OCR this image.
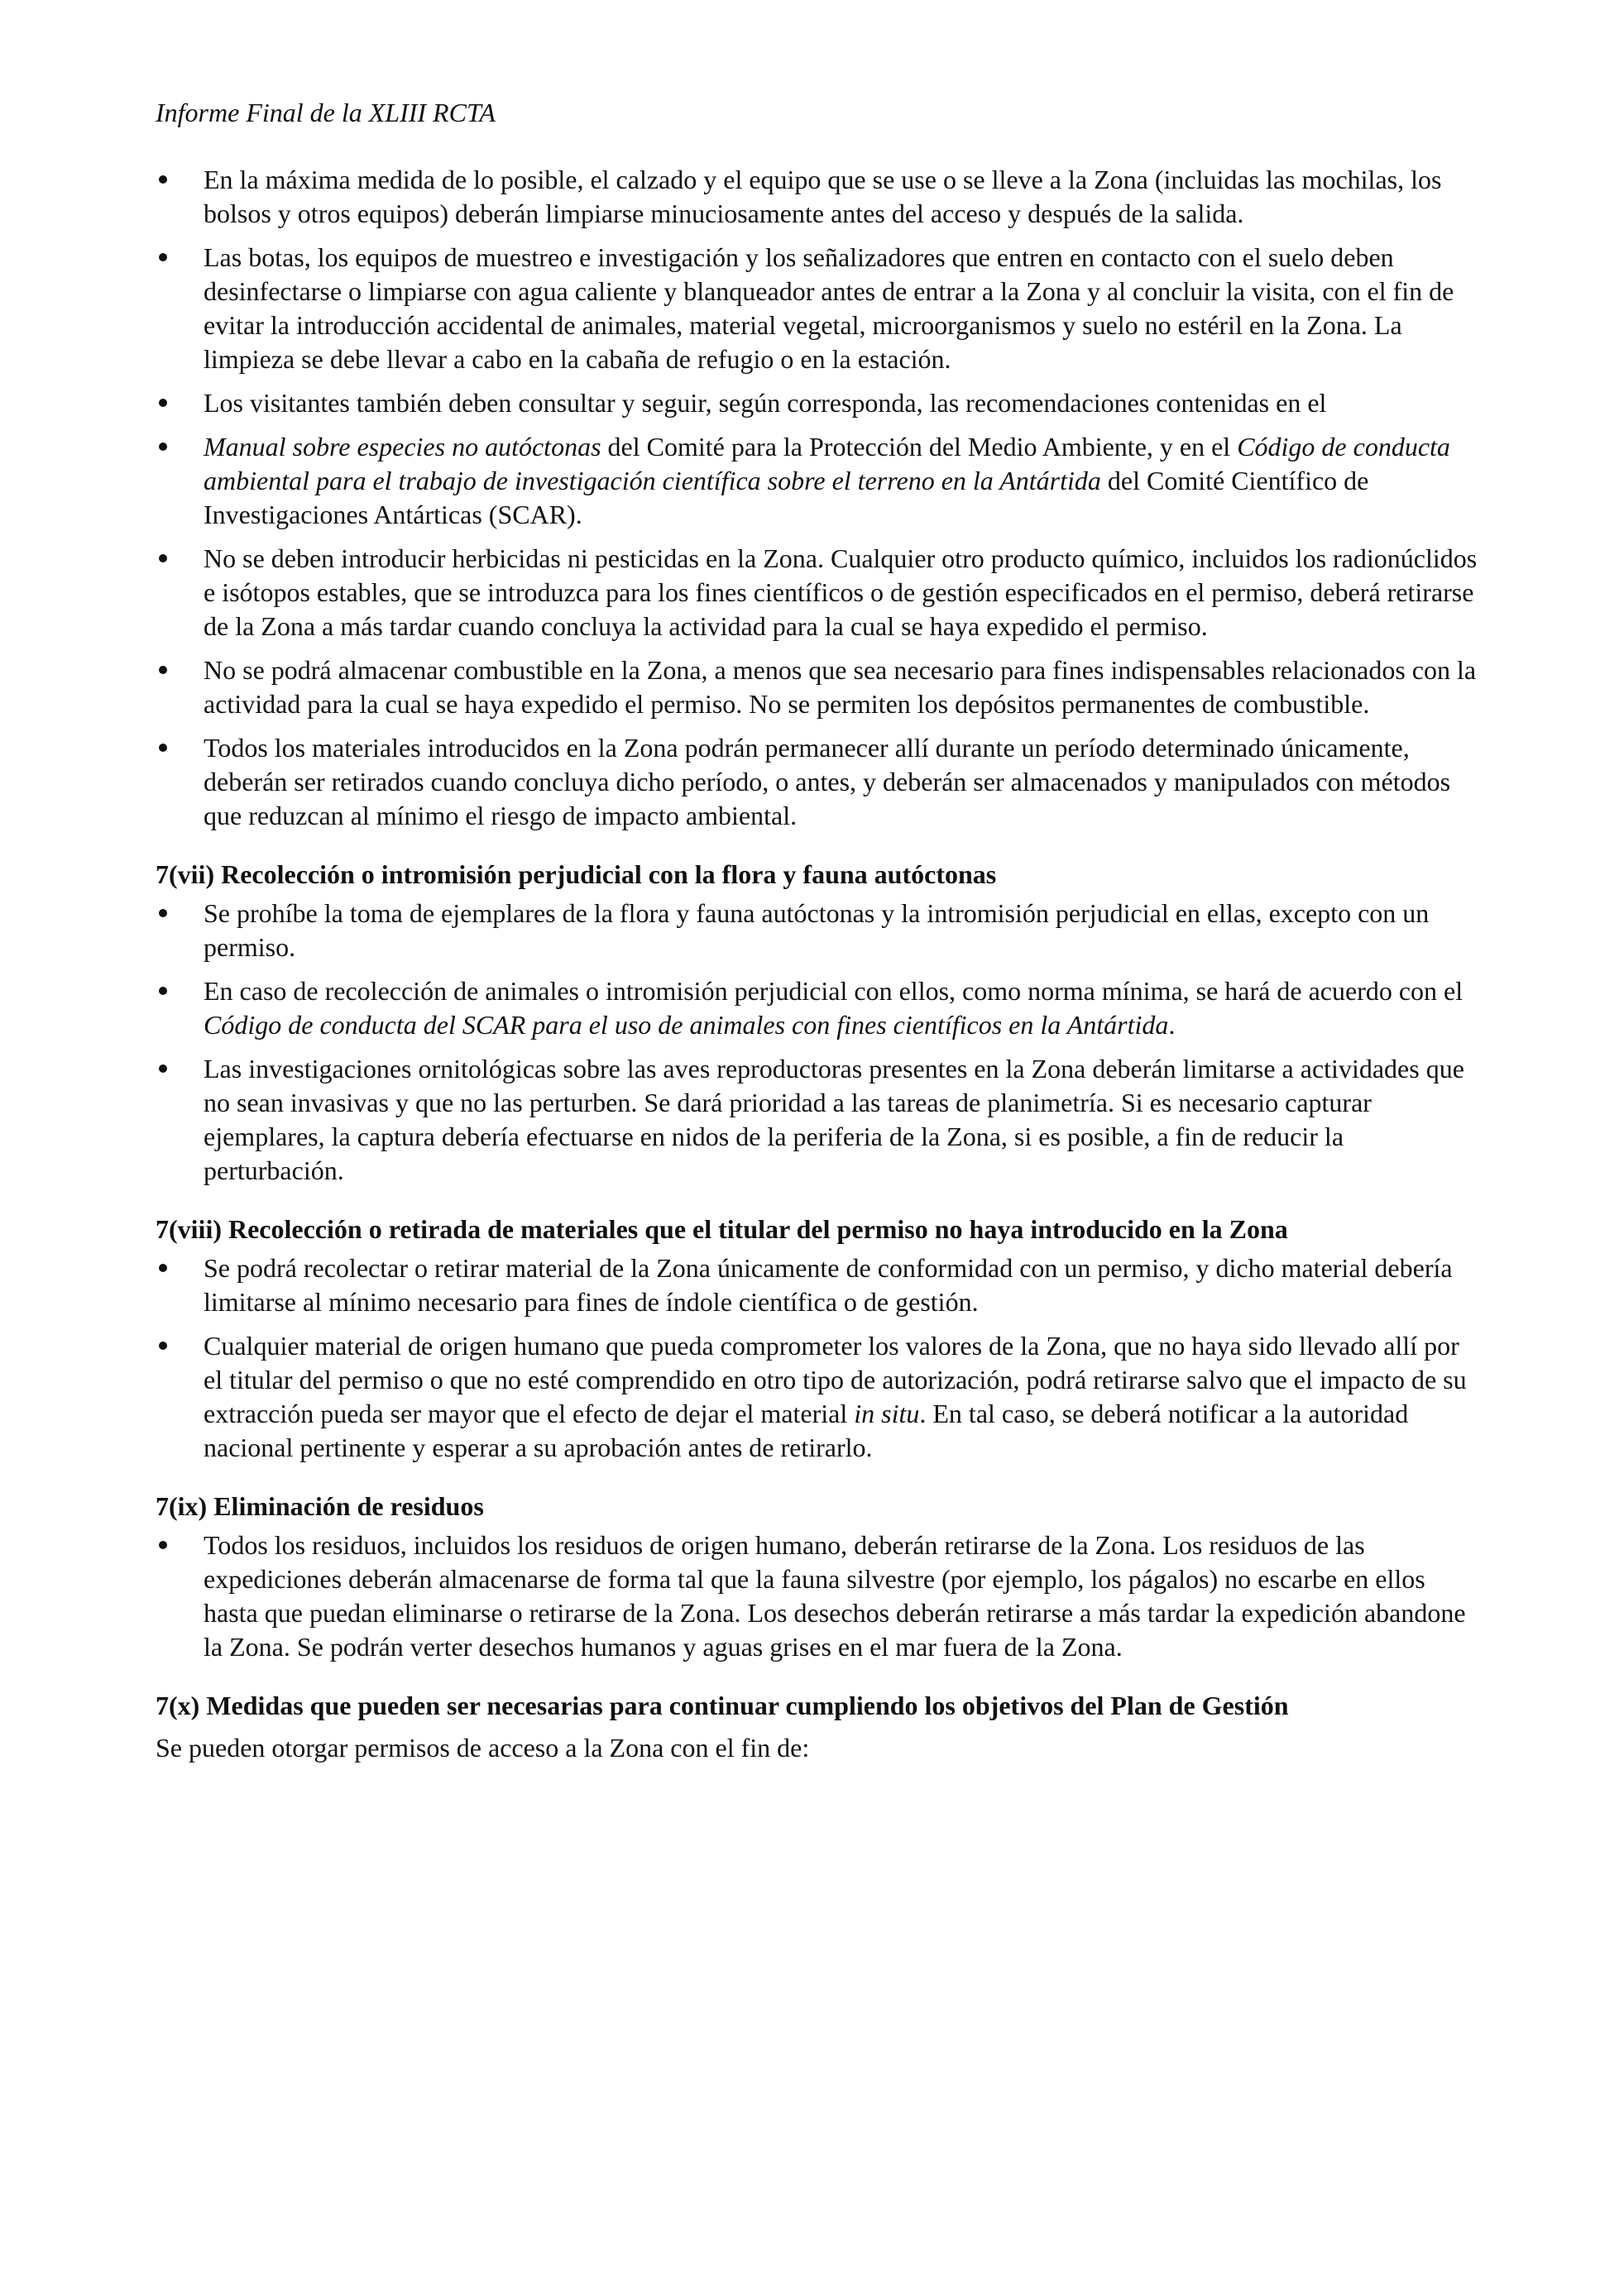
Informe Final de la XLIII RCTA
En la máxima medida de lo posible, el calzado y el equipo que se use o se lleve a la Zona (incluidas las mochilas, los bolsos y otros equipos) deberán limpiarse minuciosamente antes del acceso y después de la salida.
Las botas, los equipos de muestreo e investigación y los señalizadores que entren en contacto con el suelo deben desinfectarse o limpiarse con agua caliente y blanqueador antes de entrar a la Zona y al concluir la visita, con el fin de evitar la introducción accidental de animales, material vegetal, microorganismos y suelo no estéril en la Zona. La limpieza se debe llevar a cabo en la cabaña de refugio o en la estación.
Los visitantes también deben consultar y seguir, según corresponda, las recomendaciones contenidas en el
Manual sobre especies no autóctonas del Comité para la Protección del Medio Ambiente, y en el Código de conducta ambiental para el trabajo de investigación científica sobre el terreno en la Antártida del Comité Científico de Investigaciones Antárticas (SCAR).
No se deben introducir herbicidas ni pesticidas en la Zona. Cualquier otro producto químico, incluidos los radionúclidos e isótopos estables, que se introduzca para los fines científicos o de gestión especificados en el permiso, deberá retirarse de la Zona a más tardar cuando concluya la actividad para la cual se haya expedido el permiso.
No se podrá almacenar combustible en la Zona, a menos que sea necesario para fines indispensables relacionados con la actividad para la cual se haya expedido el permiso. No se permiten los depósitos permanentes de combustible.
Todos los materiales introducidos en la Zona podrán permanecer allí durante un período determinado únicamente, deberán ser retirados cuando concluya dicho período, o antes, y deberán ser almacenados y manipulados con métodos que reduzcan al mínimo el riesgo de impacto ambiental.
7(vii) Recolección o intromisión perjudicial con la flora y fauna autóctonas
Se prohíbe la toma de ejemplares de la flora y fauna autóctonas y la intromisión perjudicial en ellas, excepto con un permiso.
En caso de recolección de animales o intromisión perjudicial con ellos, como norma mínima, se hará de acuerdo con el Código de conducta del SCAR para el uso de animales con fines científicos en la Antártida.
Las investigaciones ornitológicas sobre las aves reproductoras presentes en la Zona deberán limitarse a actividades que no sean invasivas y que no las perturben. Se dará prioridad a las tareas de planimetría. Si es necesario capturar ejemplares, la captura debería efectuarse en nidos de la periferia de la Zona, si es posible, a fin de reducir la perturbación.
7(viii) Recolección o retirada de materiales que el titular del permiso no haya introducido en la Zona
Se podrá recolectar o retirar material de la Zona únicamente de conformidad con un permiso, y dicho material debería limitarse al mínimo necesario para fines de índole científica o de gestión.
Cualquier material de origen humano que pueda comprometer los valores de la Zona, que no haya sido llevado allí por el titular del permiso o que no esté comprendido en otro tipo de autorización, podrá retirarse salvo que el impacto de su extracción pueda ser mayor que el efecto de dejar el material in situ. En tal caso, se deberá notificar a la autoridad nacional pertinente y esperar a su aprobación antes de retirarlo.
7(ix) Eliminación de residuos
Todos los residuos, incluidos los residuos de origen humano, deberán retirarse de la Zona. Los residuos de las expediciones deberán almacenarse de forma tal que la fauna silvestre (por ejemplo, los págalos) no escarbe en ellos hasta que puedan eliminarse o retirarse de la Zona. Los desechos deberán retirarse a más tardar la expedición abandone la Zona. Se podrán verter desechos humanos y aguas grises en el mar fuera de la Zona.
7(x) Medidas que pueden ser necesarias para continuar cumpliendo los objetivos del Plan de Gestión

Se pueden otorgar permisos de acceso a la Zona con el fin de:
